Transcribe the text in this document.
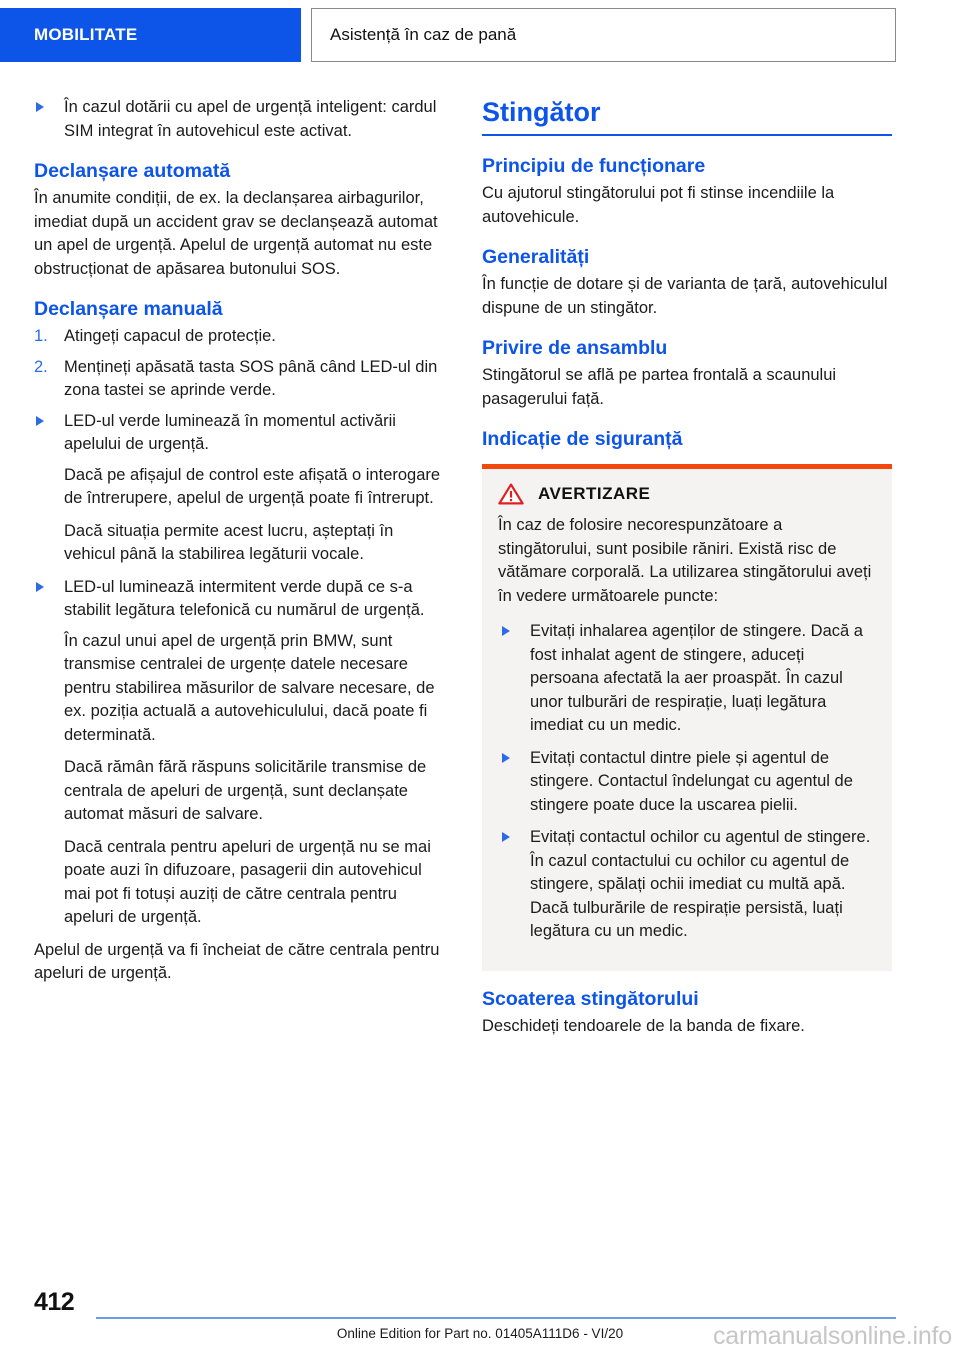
MOBILITATE	Asistență în caz de pană
În cazul dotării cu apel de urgență inteligent: cardul SIM integrat în autovehicul este activat.
Declanșare automată

În anumite condiții, de ex. la declanșarea airbagurilor, imediat după un accident grav se declanșează automat un apel de urgență. Apelul de urgență automat nu este obstrucționat de apăsarea butonului SOS.

Declanșare manuală
1. Atingeți capacul de protecție.
2. Mențineți apăsată tasta SOS până când LED-ul din zona tastei se aprinde verde.
LED-ul verde luminează în momentul activării apelului de urgență.

Dacă pe afișajul de control este afișată o interogare de întrerupere, apelul de urgență poate fi întrerupt.

Dacă situația permite acest lucru, așteptați în vehicul până la stabilirea legăturii vocale.

LED-ul luminează intermitent verde după ce s-a stabilit legătura telefonică cu numărul de urgență.

În cazul unui apel de urgență prin BMW, sunt transmise centralei de urgențe datele necesare pentru stabilirea măsurilor de salvare necesare, de ex. poziția actuală a autovehiculului, dacă poate fi determinată.

Dacă rămân fără răspuns solicitările transmise de centrala de apeluri de urgență, sunt declanșate automat măsuri de salvare.

Dacă centrala pentru apeluri de urgență nu se mai poate auzi în difuzoare, pasagerii din autovehicul mai pot fi totuși auziți de către centrala pentru apeluri de urgență.

Apelul de urgență va fi încheiat de către centrala pentru apeluri de urgență.

Stingător
Principiu de funcționare

Cu ajutorul stingătorului pot fi stinse incendiile la autovehicule.

Generalități

În funcție de dotare și de varianta de țară, autovehiculul dispune de un stingător.

Privire de ansamblu

Stingătorul se află pe partea frontală a scaunului pasagerului față.

Indicație de siguranță
AVERTIZARE

În caz de folosire necorespunzătoare a stingătorului, sunt posibile răniri. Există risc de vătămare corporală. La utilizarea stingătorului aveți în vedere următoarele puncte:

Evitați inhalarea agenților de stingere. Dacă a fost inhalat agent de stingere, aduceți persoana afectată la aer proaspăt. În cazul unor tulburări de respirație, luați legătura imediat cu un medic.
Evitați contactul dintre piele și agentul de stingere. Contactul îndelungat cu agentul de stingere poate duce la uscarea pielii.
Evitați contactul ochilor cu agentul de stingere. În cazul contactului cu ochilor cu agentul de stingere, spălați ochii imediat cu multă apă. Dacă tulburările de respirație persistă, luați legătura cu un medic.
Scoaterea stingătorului

Deschideți tendoarele de la banda de fixare.

412
Online Edition for Part no. 01405A111D6 - VI/20	carmanualsonline.info
